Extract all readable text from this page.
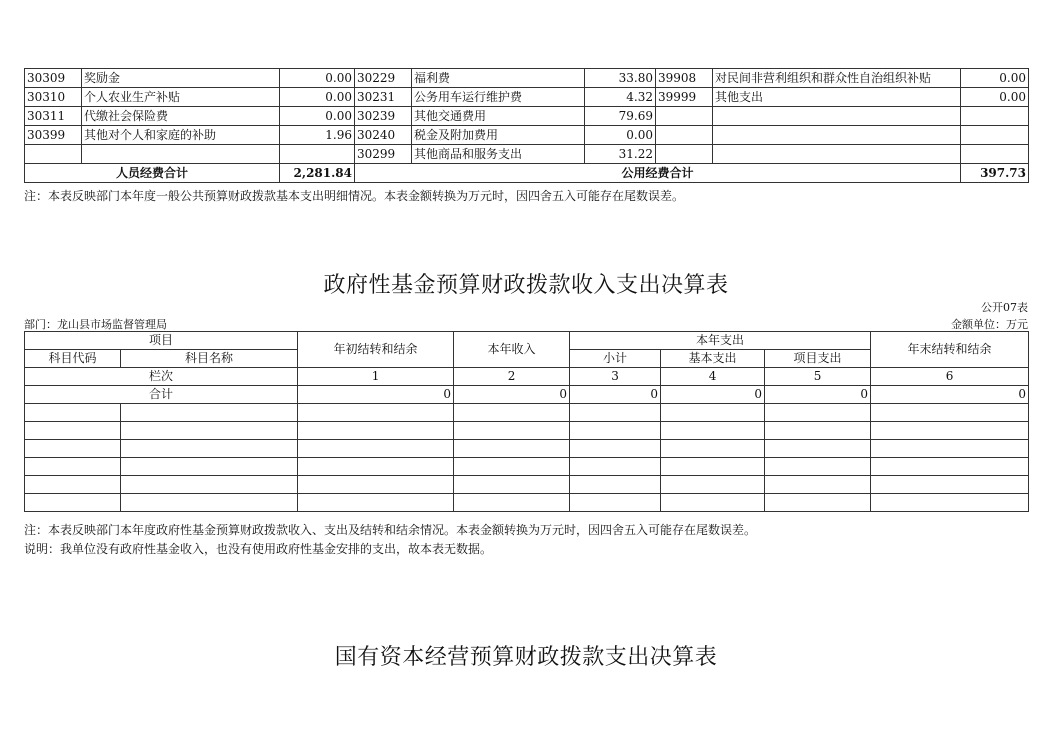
30309	奖励金	0.00	30229	福利费	33.80	39908	对民间非营利组织和群众性自治组织补贴	0.00
30310	个人农业生产补贴	0.00	30231	公务用车运行维护费	4.32	39999	其他支出	0.00
30311	代缴社会保险费	0.00	30239	其他交通费用	79.69			
30399	其他对个人和家庭的补助	1.96	30240	税金及附加费用	0.00			
			30299	其他商品和服务支出	31.22			
人员经费合计		2,281.84	公用经费合计					397.73
注：本表反映部门本年度一般公共预算财政拨款基本支出明细情况。本表金额转换为万元时，因四舍五入可能存在尾数误差。
政府性基金预算财政拨款收入支出决算表
公开07表
部门：龙山县市场监督管理局	金额单位：万元
项目		年初结转和结余	本年收入	本年支出			年末结转和结余
科目代码	科目名称			小计	基本支出	项目支出	
栏次		1	2	3	4	5	6
合计		0	0	0	0	0	0

注：本表反映部门本年度政府性基金预算财政拨款收入、支出及结转和结余情况。本表金额转换为万元时，因四舍五入可能存在尾数误差。
说明：我单位没有政府性基金收入，也没有使用政府性基金安排的支出，故本表无数据。
国有资本经营预算财政拨款支出决算表
